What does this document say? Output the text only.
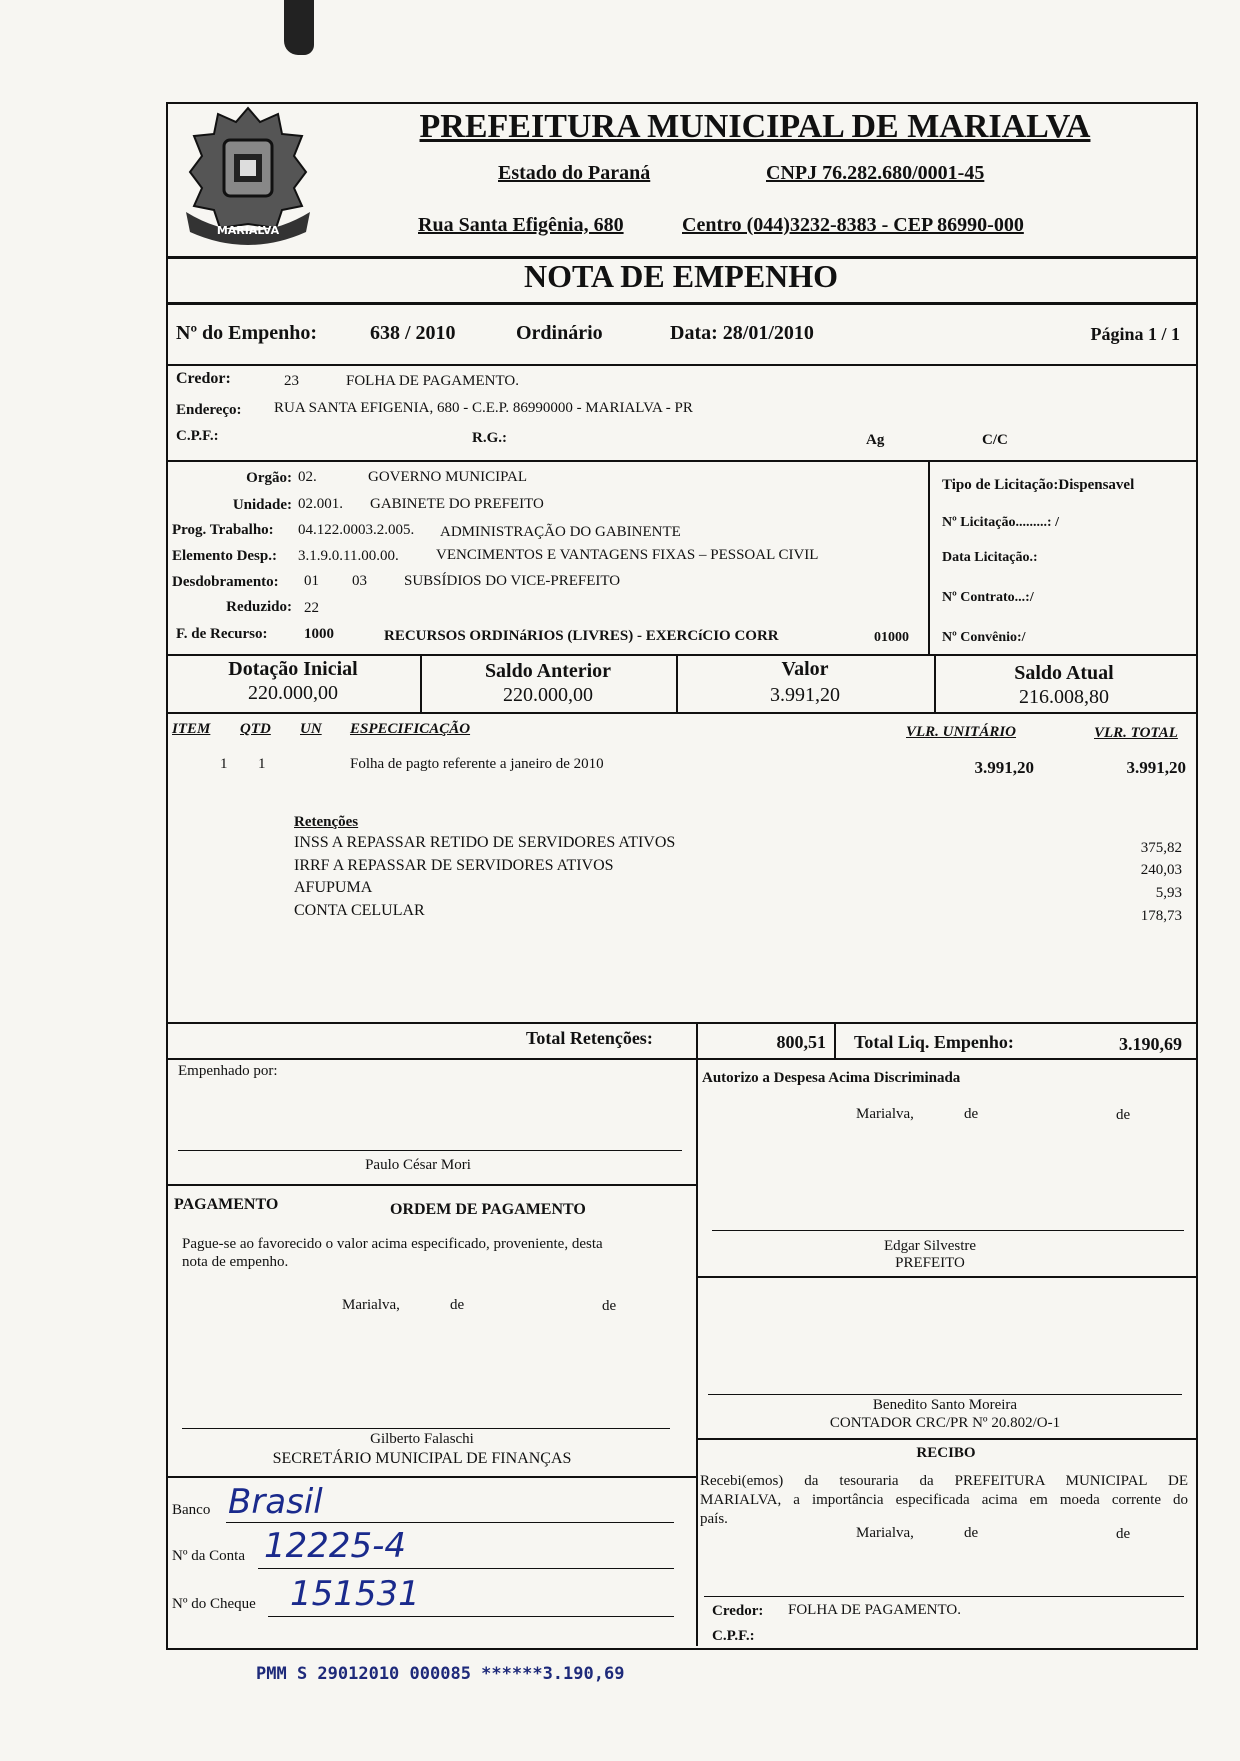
MARIALVA
PREFEITURA MUNICIPAL DE MARIALVA
Estado do Paraná	CNPJ 76.282.680/0001-45
Rua Santa Efigênia, 680	Centro (044)3232-8383 - CEP 86990-000
NOTA DE EMPENHO
Nº do Empenho:	638 / 2010	Ordinário	Data: 28/01/2010	Página 1 / 1
Credor:	23	FOLHA DE PAGAMENTO.
Endereço: RUA SANTA EFIGENIA, 680 - C.E.P. 86990000 - MARIALVA - PR
C.P.F.:	R.G.:	Ag	C/C
Orgão: 02.	GOVERNO MUNICIPAL
Unidade: 02.001. GABINETE DO PREFEITO
Prog. Trabalho: 04.122.0003.2.005. ADMINISTRAÇÃO DO GABINENTE
Elemento Desp.: 3.1.9.0.11.00.00. VENCIMENTOS E VANTAGENS FIXAS – PESSOAL CIVIL
Desdobramento: 01 03 SUBSÍDIOS DO VICE-PREFEITO
Reduzido: 22
F. de Recurso: 1000	RECURSOS ORDINáRIOS (LIVRES) - EXERCíCIO CORR	01000
Tipo de Licitação:Dispensavel
Nº Licitação.........: /
Data Licitação.:
Nº Contrato...:/
Nº Convênio:/
Dotação Inicial
220.000,00
Saldo Anterior
220.000,00
Valor
3.991,20
Saldo Atual
216.008,80
ITEM QTD UN ESPECIFICAÇÃO	VLR. UNITÁRIO	VLR. TOTAL
1 1	Folha de pagto referente a janeiro de 2010	3.991,20	3.991,20
Retenções
INSS A REPASSAR RETIDO DE SERVIDORES ATIVOS	375,82
IRRF A REPASSAR DE SERVIDORES ATIVOS	240,03
AFUPUMA	5,93
CONTA CELULAR	178,73
Total Retenções:	800,51 Total Liq. Empenho:	3.190,69
Empenhado por:
Paulo César Mori
PAGAMENTO	ORDEM DE PAGAMENTO
Pague-se ao favorecido o valor acima especificado, proveniente, desta
nota de empenho.
Marialva,	de	de
Gilberto Falaschi
SECRETÁRIO MUNICIPAL DE FINANÇAS
Banco Brasil
Nº da Conta 12225-4
Nº do Cheque 151531
Autorizo a Despesa Acima Discriminada
Marialva,	de	de
Edgar Silvestre
PREFEITO
Benedito Santo Moreira
CONTADOR CRC/PR Nº 20.802/O-1
RECIBO
Recebi(emos) da tesouraria da PREFEITURA MUNICIPAL DE
MARIALVA, a importância especificada acima em moeda corrente do
país.
Marialva,	de	de
Credor: FOLHA DE PAGAMENTO.
C.P.F.:
PMM S 29012010 000085 ******3.190,69
